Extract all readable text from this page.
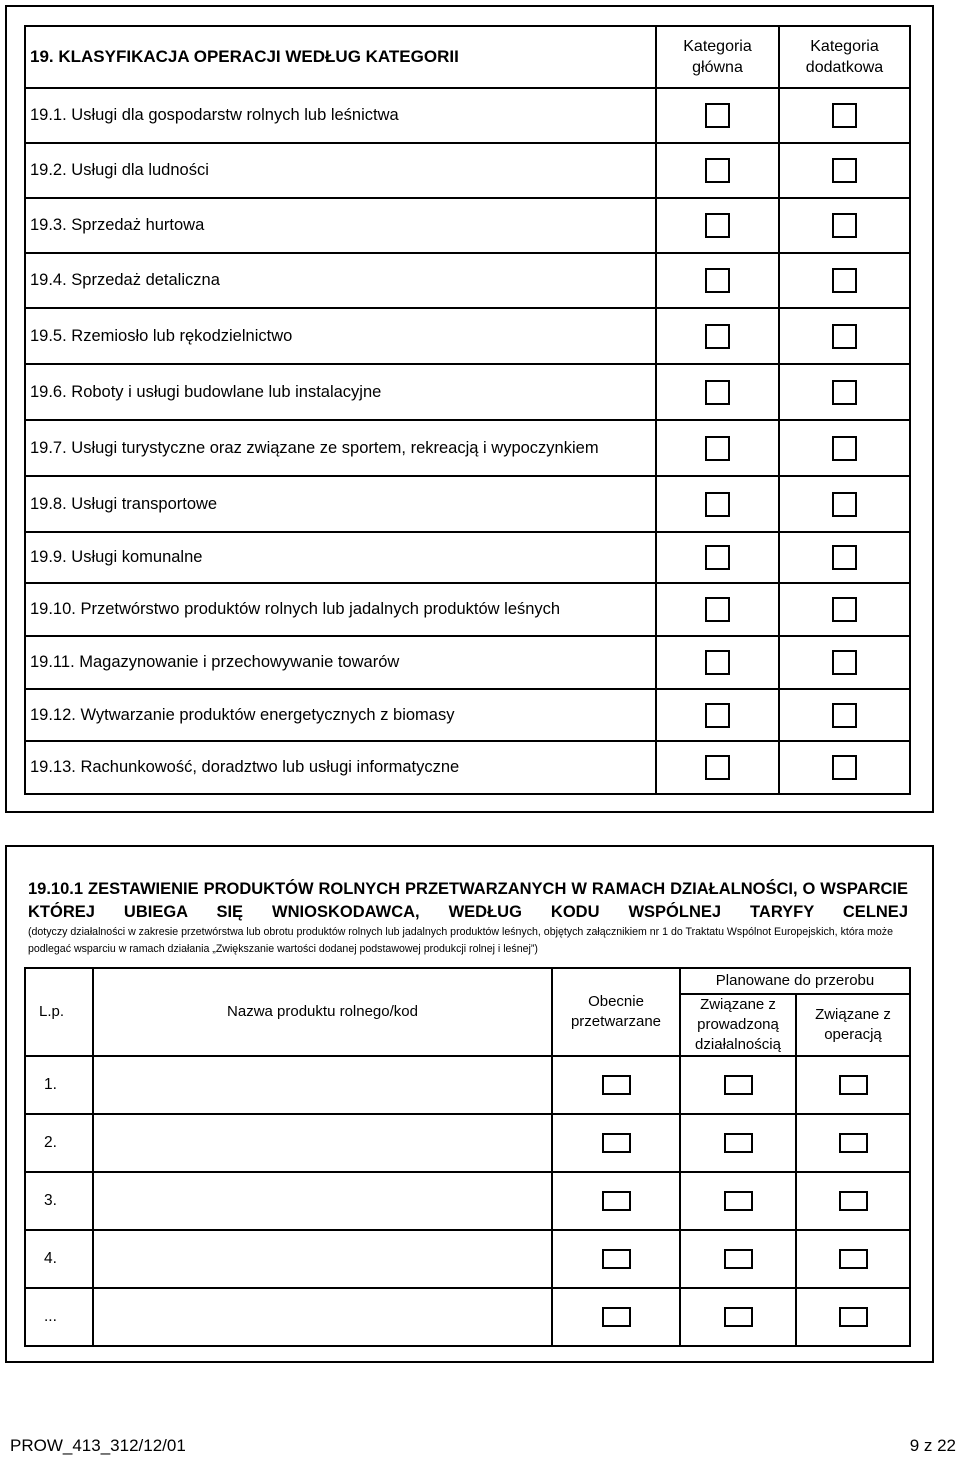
19. KLASYFIKACJA OPERACJI WEDŁUG KATEGORII	Kategoria główna	Kategoria dodatkowa
19.1. Usługi dla gospodarstw rolnych lub leśnictwa		
19.2. Usługi dla ludności		
19.3. Sprzedaż hurtowa		
19.4. Sprzedaż detaliczna		
19.5. Rzemiosło lub rękodzielnictwo		
19.6. Roboty i usługi budowlane lub instalacyjne		
19.7. Usługi turystyczne oraz związane ze sportem, rekreacją i wypoczynkiem		
19.8. Usługi transportowe		
19.9. Usługi komunalne		
19.10. Przetwórstwo produktów rolnych lub jadalnych produktów leśnych		
19.11. Magazynowanie i przechowywanie towarów		
19.12. Wytwarzanie produktów energetycznych z biomasy		
19.13. Rachunkowość, doradztwo lub usługi informatyczne		
19.10.1 ZESTAWIENIE PRODUKTÓW ROLNYCH PRZETWARZANYCH W RAMACH DZIAŁALNOŚCI, O WSPARCIE KTÓREJ UBIEGA SIĘ WNIOSKODAWCA, WEDŁUG KODU WSPÓLNEJ TARYFY CELNEJ
(dotyczy działalności w zakresie przetwórstwa lub obrotu produktów rolnych lub jadalnych produktów leśnych, objętych załącznikiem nr 1 do Traktatu Wspólnot Europejskich, która może podlegać wsparciu w ramach działania „Zwiększanie wartości dodanej podstawowej produkcji rolnej i leśnej”)
L.p.	Nazwa produktu rolnego/kod	Obecnie przetwarzane	Planowane do przerobu	

			Związane z prowadzoną działalnością	Związane z operacją

1.				
2.				
3.				
4.				
...				
PROW_413_312/12/01	9 z 22
